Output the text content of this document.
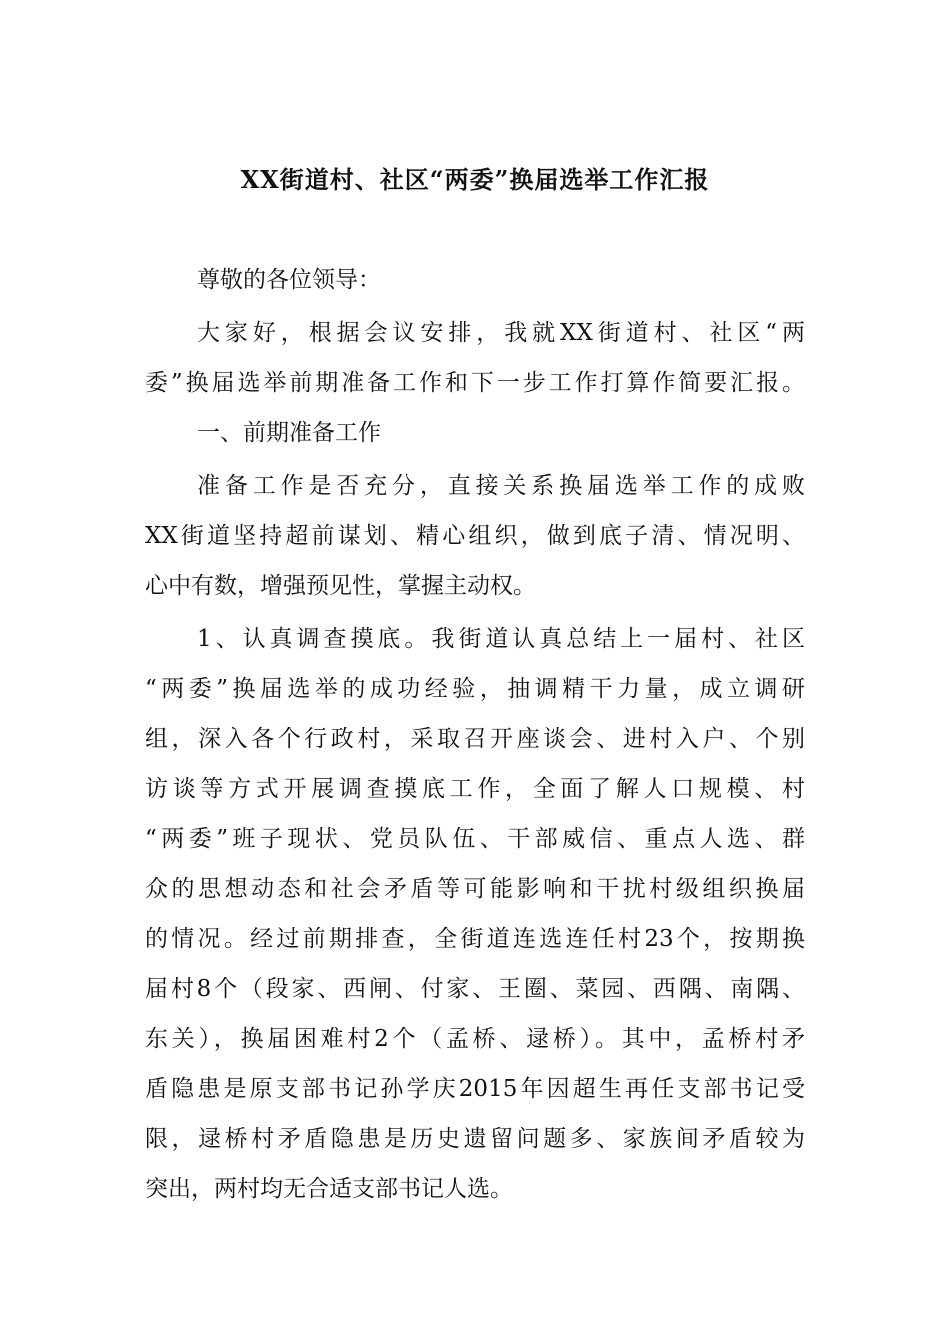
XX街道村、社区“两委”换届选举工作汇报
尊敬的各位领导：
大家好，根据会议安排，我就XX街道村、社区“两
委”换届选举前期准备工作和下一步工作打算作简要汇报。
一、前期准备工作
准备工作是否充分，直接关系换届选举工作的成败
XX街道坚持超前谋划、精心组织，做到底子清、情况明、
心中有数，增强预见性，掌握主动权。
1、认真调查摸底。我街道认真总结上一届村、社区
“两委”换届选举的成功经验，抽调精干力量，成立调研
组，深入各个行政村，采取召开座谈会、进村入户、个别
访谈等方式开展调查摸底工作，全面了解人口规模、村
“两委”班子现状、党员队伍、干部威信、重点人选、群
众的思想动态和社会矛盾等可能影响和干扰村级组织换届
的情况。经过前期排查，全街道连选连任村23个，按期换
届村8个（段家、西闸、付家、王圈、菜园、西隅、南隅、
东关），换届困难村2个（孟桥、逯桥）。其中，孟桥村矛
盾隐患是原支部书记孙学庆2015年因超生再任支部书记受
限，逯桥村矛盾隐患是历史遗留问题多、家族间矛盾较为
突出，两村均无合适支部书记人选。
